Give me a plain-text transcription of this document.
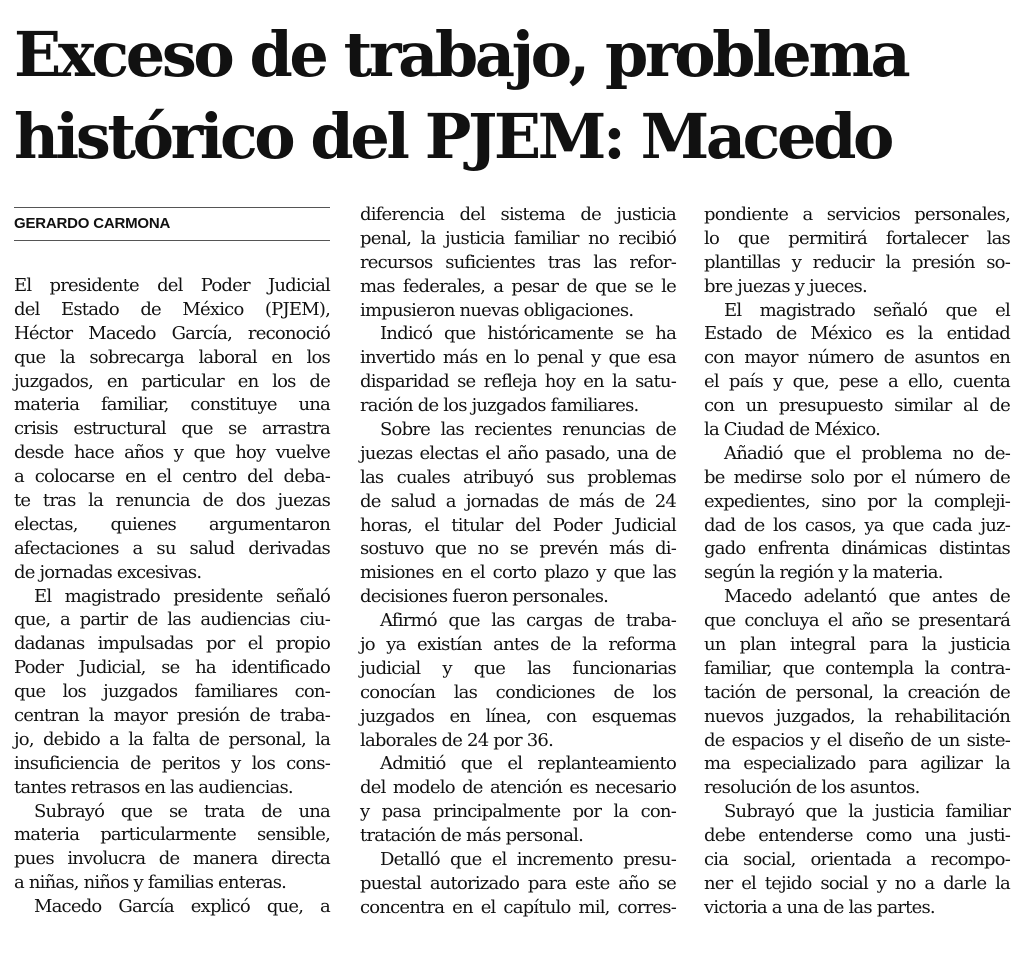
Exceso de trabajo, problema
histórico del PJEM: Macedo
GERARDO CARMONA
El presidente del Poder Judicial
del Estado de México (PJEM),
Héctor Macedo García, reconoció
que la sobrecarga laboral en los
juzgados, en particular en los de
materia familiar, constituye una
crisis estructural que se arrastra
desde hace años y que hoy vuelve
a colocarse en el centro del deba-
te tras la renuncia de dos juezas
electas, quienes argumentaron
afectaciones a su salud derivadas
de jornadas excesivas.
El magistrado presidente señaló
que, a partir de las audiencias ciu-
dadanas impulsadas por el propio
Poder Judicial, se ha identificado
que los juzgados familiares con-
centran la mayor presión de traba-
jo, debido a la falta de personal, la
insuficiencia de peritos y los cons-
tantes retrasos en las audiencias.
Subrayó que se trata de una
materia particularmente sensible,
pues involucra de manera directa
a niñas, niños y familias enteras.
Macedo García explicó que, a
diferencia del sistema de justicia
penal, la justicia familiar no recibió
recursos suficientes tras las refor-
mas federales, a pesar de que se le
impusieron nuevas obligaciones.
Indicó que históricamente se ha
invertido más en lo penal y que esa
disparidad se refleja hoy en la satu-
ración de los juzgados familiares.
Sobre las recientes renuncias de
juezas electas el año pasado, una de
las cuales atribuyó sus problemas
de salud a jornadas de más de 24
horas, el titular del Poder Judicial
sostuvo que no se prevén más di-
misiones en el corto plazo y que las
decisiones fueron personales.
Afirmó que las cargas de traba-
jo ya existían antes de la reforma
judicial y que las funcionarias
conocían las condiciones de los
juzgados en línea, con esquemas
laborales de 24 por 36.
Admitió que el replanteamiento
del modelo de atención es necesario
y pasa principalmente por la con-
tratación de más personal.
Detalló que el incremento presu-
puestal autorizado para este año se
concentra en el capítulo mil, corres-
pondiente a servicios personales,
lo que permitirá fortalecer las
plantillas y reducir la presión so-
bre juezas y jueces.
El magistrado señaló que el
Estado de México es la entidad
con mayor número de asuntos en
el país y que, pese a ello, cuenta
con un presupuesto similar al de
la Ciudad de México.
Añadió que el problema no de-
be medirse solo por el número de
expedientes, sino por la compleji-
dad de los casos, ya que cada juz-
gado enfrenta dinámicas distintas
según la región y la materia.
Macedo adelantó que antes de
que concluya el año se presentará
un plan integral para la justicia
familiar, que contempla la contra-
tación de personal, la creación de
nuevos juzgados, la rehabilitación
de espacios y el diseño de un siste-
ma especializado para agilizar la
resolución de los asuntos.
Subrayó que la justicia familiar
debe entenderse como una justi-
cia social, orientada a recompo-
ner el tejido social y no a darle la
victoria a una de las partes.
